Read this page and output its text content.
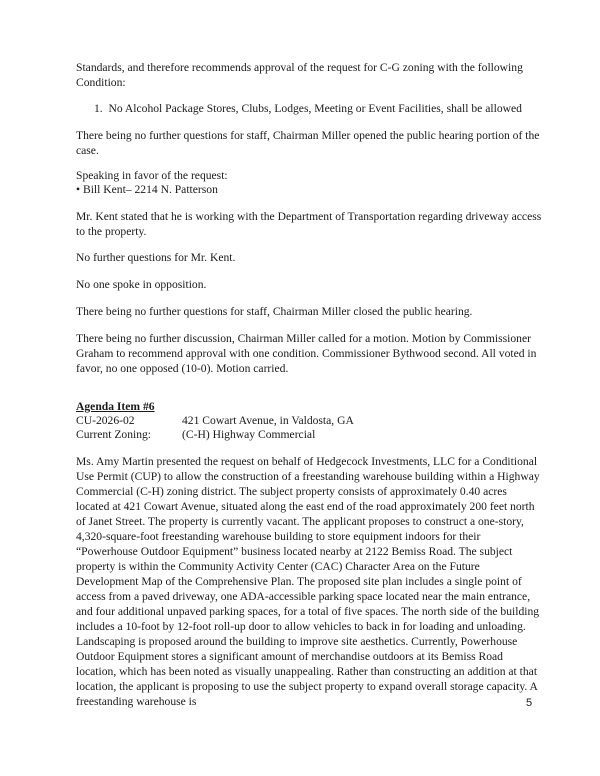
Standards, and therefore recommends approval of the request for C-G zoning with the following Condition:

1. No Alcohol Package Stores, Clubs, Lodges, Meeting or Event Facilities, shall be allowed

There being no further questions for staff, Chairman Miller opened the public hearing portion of the case.

Speaking in favor of the request:

• Bill Kent– 2214 N. Patterson

Mr. Kent stated that he is working with the Department of Transportation regarding driveway access to the property.

No further questions for Mr. Kent.

No one spoke in opposition.

There being no further questions for staff, Chairman Miller closed the public hearing.

There being no further discussion, Chairman Miller called for a motion. Motion by Commissioner Graham to recommend approval with one condition. Commissioner Bythwood second. All voted in favor, no one opposed (10-0). Motion carried.

Agenda Item #6

CU-2026-02	421 Cowart Avenue, in Valdosta, GA
Current Zoning:	(C-H) Highway Commercial

Ms. Amy Martin presented the request on behalf of Hedgecock Investments, LLC for a Conditional Use Permit (CUP) to allow the construction of a freestanding warehouse building within a Highway Commercial (C-H) zoning district. The subject property consists of approximately 0.40 acres located at 421 Cowart Avenue, situated along the east end of the road approximately 200 feet north of Janet Street. The property is currently vacant. The applicant proposes to construct a one-story, 4,320-square-foot freestanding warehouse building to store equipment indoors for their “Powerhouse Outdoor Equipment” business located nearby at 2122 Bemiss Road. The subject property is within the Community Activity Center (CAC) Character Area on the Future Development Map of the Comprehensive Plan. The proposed site plan includes a single point of access from a paved driveway, one ADA-accessible parking space located near the main entrance, and four additional unpaved parking spaces, for a total of five spaces. The north side of the building includes a 10-foot by 12-foot roll-up door to allow vehicles to back in for loading and unloading. Landscaping is proposed around the building to improve site aesthetics. Currently, Powerhouse Outdoor Equipment stores a significant amount of merchandise outdoors at its Bemiss Road location, which has been noted as visually unappealing. Rather than constructing an addition at that location, the applicant is proposing to use the subject property to expand overall storage capacity. A freestanding warehouse is	5
